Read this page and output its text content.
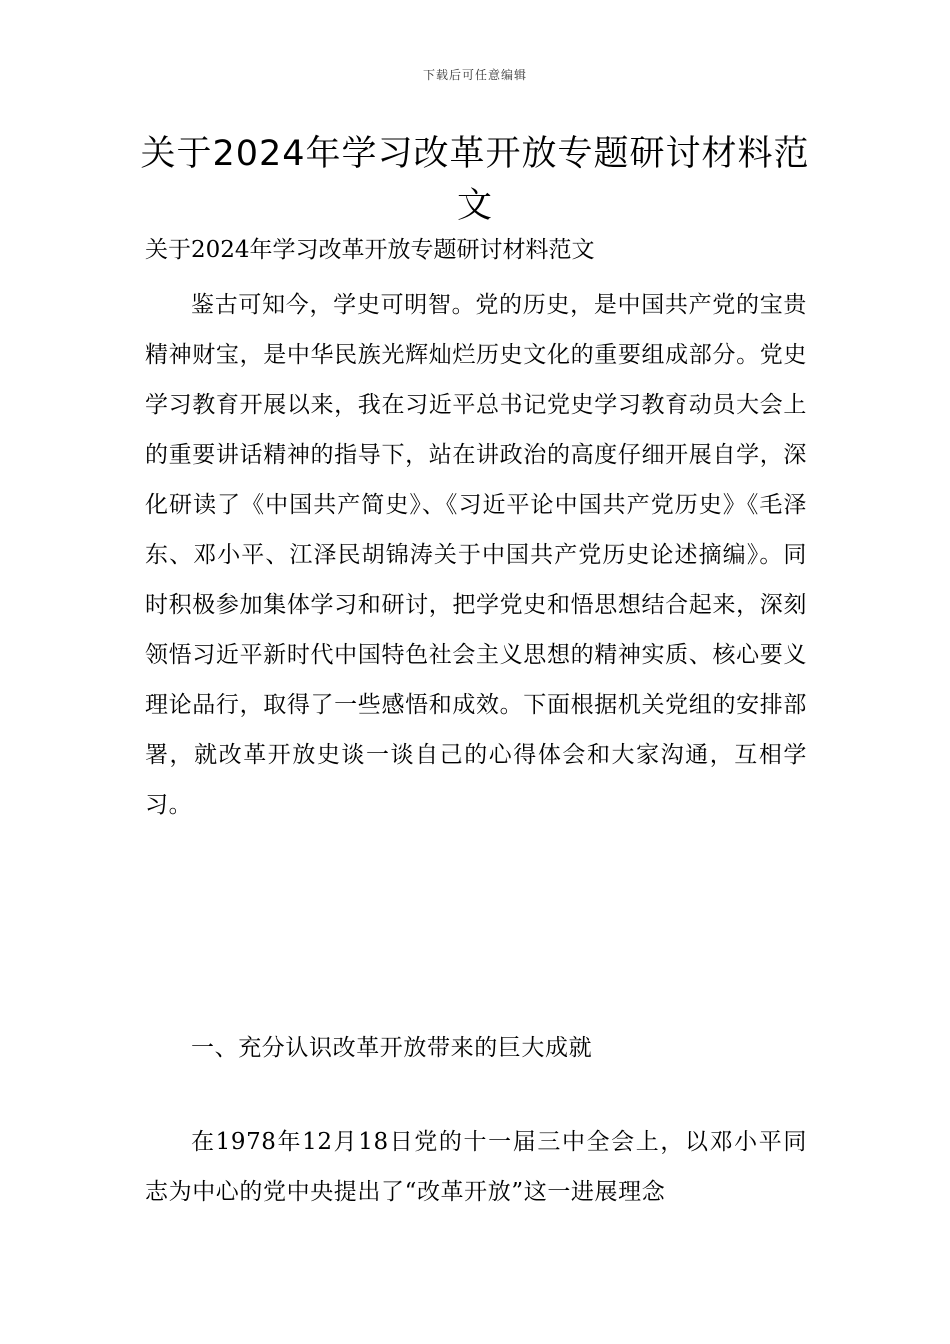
下载后可任意编辑
关于2024年学习改革开放专题研讨材料范文

关于2024年学习改革开放专题研讨材料范文

鉴古可知今，学史可明智。党的历史，是中国共产党的宝贵精神财宝，是中华民族光辉灿烂历史文化的重要组成部分。党史学习教育开展以来，我在习近平总书记党史学习教育动员大会上的重要讲话精神的指导下，站在讲政治的高度仔细开展自学，深化研读了《中国共产简史》、《习近平论中国共产党历史》《毛泽东、邓小平、江泽民胡锦涛关于中国共产党历史论述摘编》。同时积极参加集体学习和研讨，把学党史和悟思想结合起来，深刻领悟习近平新时代中国特色社会主义思想的精神实质、核心要义理论品行，取得了一些感悟和成效。下面根据机关党组的安排部署，就改革开放史谈一谈自己的心得体会和大家沟通，互相学习。

一、充分认识改革开放带来的巨大成就

在1978年12月18日党的十一届三中全会上，以邓小平同志为中心的党中央提出了“改革开放”这一进展理念
